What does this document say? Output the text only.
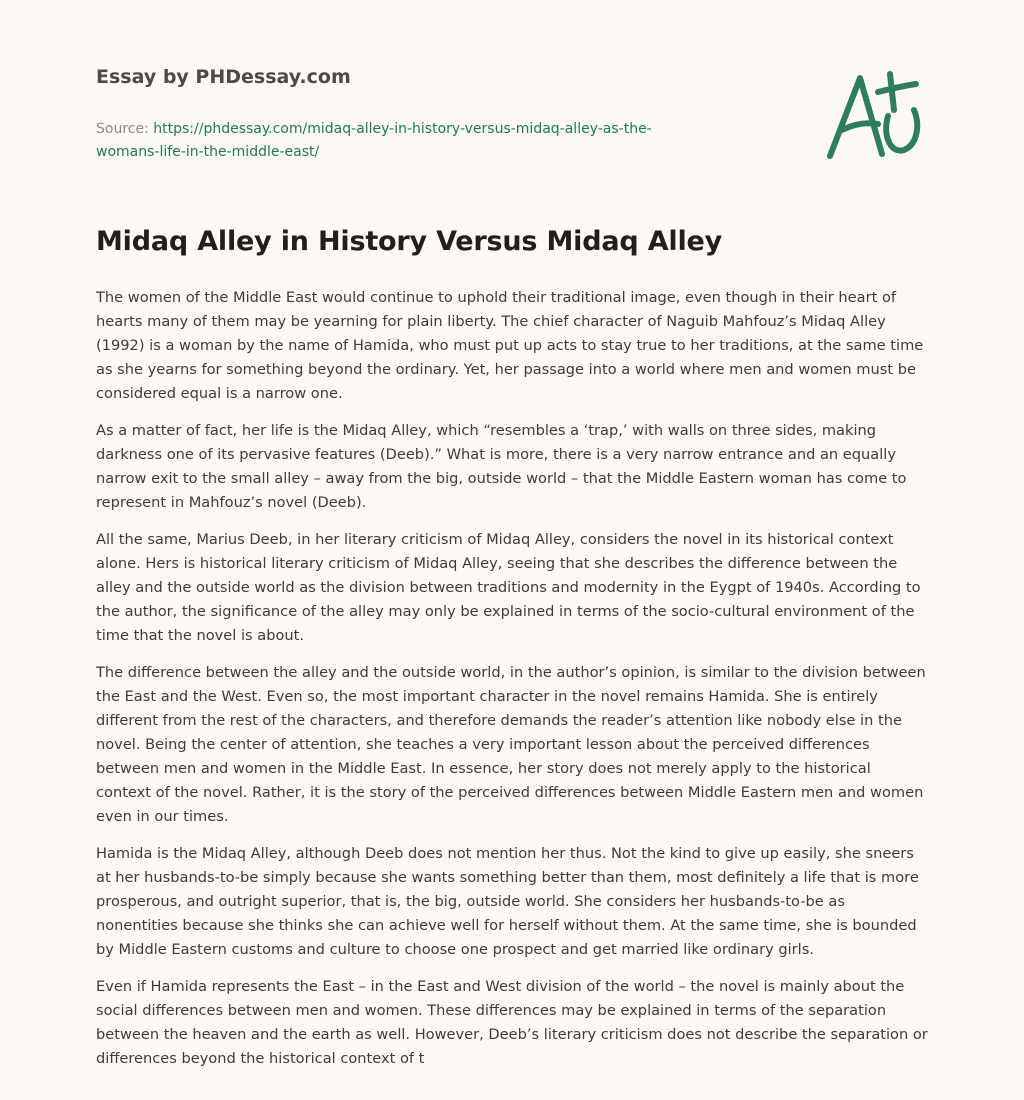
Essay by PHDessay.com
Source: https://phdessay.com/midaq-alley-in-history-versus-midaq-alley-as-the-
womans-life-in-the-middle-east/
Midaq Alley in History Versus Midaq Alley

The women of the Middle East would continue to uphold their traditional image, even though in their heart of hearts many of them may be yearning for plain liberty. The chief character of Naguib Mahfouz’s Midaq Alley (1992) is a woman by the name of Hamida, who must put up acts to stay true to her traditions, at the same time as she yearns for something beyond the ordinary. Yet, her passage into a world where men and women must be considered equal is a narrow one.

As a matter of fact, her life is the Midaq Alley, which “resembles a ‘trap,’ with walls on three sides, making darkness one of its pervasive features (Deeb).” What is more, there is a very narrow entrance and an equally narrow exit to the small alley – away from the big, outside world – that the Middle Eastern woman has come to represent in Mahfouz’s novel (Deeb).

All the same, Marius Deeb, in her literary criticism of Midaq Alley, considers the novel in its historical context alone. Hers is historical literary criticism of Midaq Alley, seeing that she describes the difference between the alley and the outside world as the division between traditions and modernity in the Eygpt of 1940s. According to the author, the significance of the alley may only be explained in terms of the socio-cultural environment of the time that the novel is about.

The difference between the alley and the outside world, in the author’s opinion, is similar to the division between the East and the West. Even so, the most important character in the novel remains Hamida. She is entirely different from the rest of the characters, and therefore demands the reader’s attention like nobody else in the novel. Being the center of attention, she teaches a very important lesson about the perceived differences between men and women in the Middle East. In essence, her story does not merely apply to the historical context of the novel. Rather, it is the story of the perceived differences between Middle Eastern men and women even in our times.

Hamida is the Midaq Alley, although Deeb does not mention her thus. Not the kind to give up easily, she sneers at her husbands-to-be simply because she wants something better than them, most definitely a life that is more prosperous, and outright superior, that is, the big, outside world. She considers her husbands-to-be as nonentities because she thinks she can achieve well for herself without them. At the same time, she is bounded by Middle Eastern customs and culture to choose one prospect and get married like ordinary girls.

Even if Hamida represents the East – in the East and West division of the world – the novel is mainly about the social differences between men and women. These differences may be explained in terms of the separation between the heaven and the earth as well. However, Deeb’s literary criticism does not describe the separation or differences beyond the historical context of t
